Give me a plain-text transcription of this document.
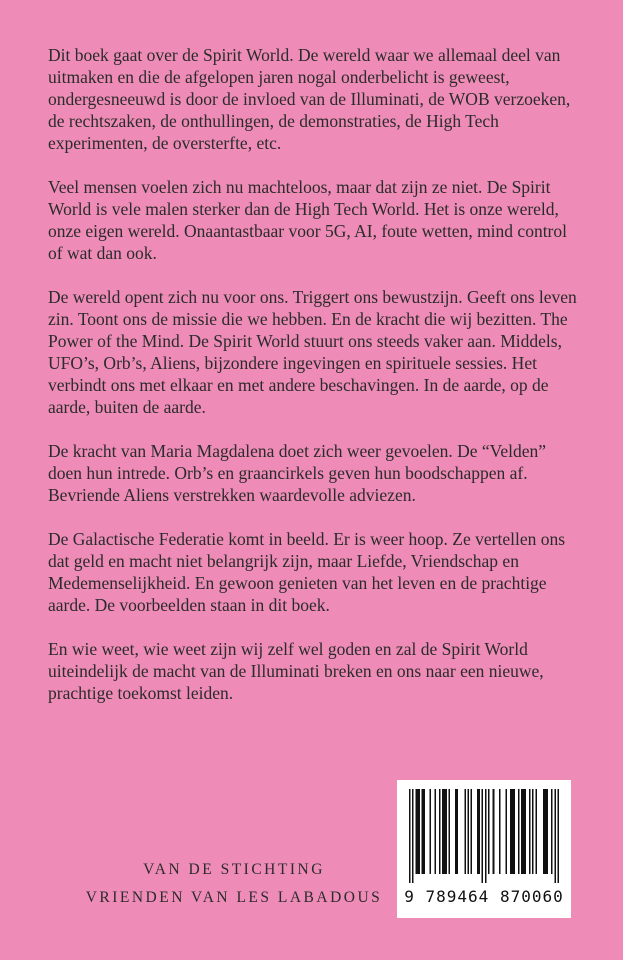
Dit boek gaat over de Spirit World. De wereld waar we allemaal deel van uitmaken en die de afgelopen jaren nogal onderbelicht is geweest, ondergesneeuwd is door de invloed van de Illuminati, de WOB verzoeken, de rechtszaken, de onthullingen, de demonstraties, de High Tech experimenten, de oversterfte, etc.

Veel mensen voelen zich nu machteloos, maar dat zijn ze niet. De Spirit World is vele malen sterker dan de High Tech World. Het is onze wereld, onze eigen wereld. Onaantastbaar voor 5G, AI, foute wetten, mind control of wat dan ook.

De wereld opent zich nu voor ons. Triggert ons bewustzijn. Geeft ons leven zin. Toont ons de missie die we hebben. En de kracht die wij bezitten. The Power of the Mind. De Spirit World stuurt ons steeds vaker aan. Middels, UFO’s, Orb’s, Aliens, bijzondere ingevingen en spirituele sessies. Het verbindt ons met elkaar en met andere beschavingen. In de aarde, op de aarde, buiten de aarde.

De kracht van Maria Magdalena doet zich weer gevoelen. De “Velden” doen hun intrede. Orb’s en graancirkels geven hun boodschappen af. Bevriende Aliens verstrekken waardevolle adviezen.

De Galactische Federatie komt in beeld. Er is weer hoop. Ze vertellen ons dat geld en macht niet belangrijk zijn, maar Liefde, Vriendschap en Medemenselijkheid. En gewoon genieten van het leven en de prachtige aarde. De voorbeelden staan in dit boek.

En wie weet, wie weet zijn wij zelf wel goden en zal de Spirit World uiteindelijk de macht van de Illuminati breken en ons naar een nieuwe, prachtige toekomst leiden.

VAN DE STICHTING
VRIENDEN VAN LES LABADOUS	9 789464 870060
